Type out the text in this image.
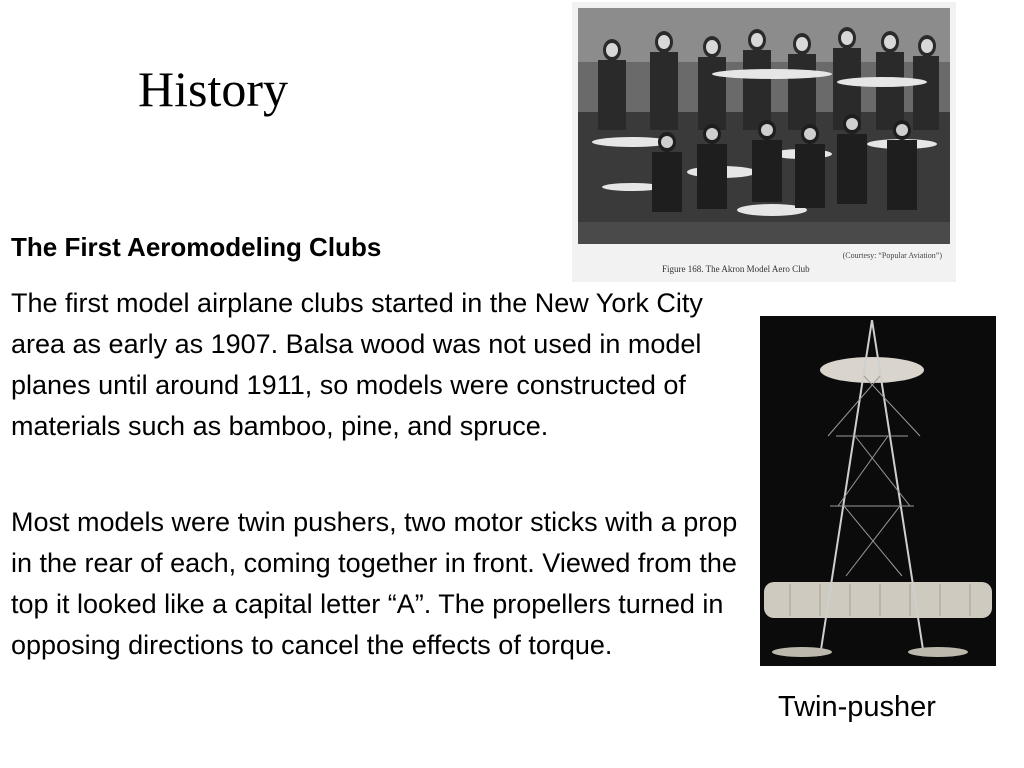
History
(Courtesy: “Popular Aviation”)
Figure 168. The Akron Model Aero Club
The First Aeromodeling Clubs

The first model airplane clubs started in the New York City area as early as 1907. Balsa wood was not used in model planes until around 1911, so models were constructed of materials such as bamboo, pine, and spruce.

Most models were twin pushers, two motor sticks with a prop in the rear of each, coming together in front. Viewed from the top it looked like a capital letter “A”. The propellers turned in opposing directions to cancel the effects of torque.

Twin-pusher
